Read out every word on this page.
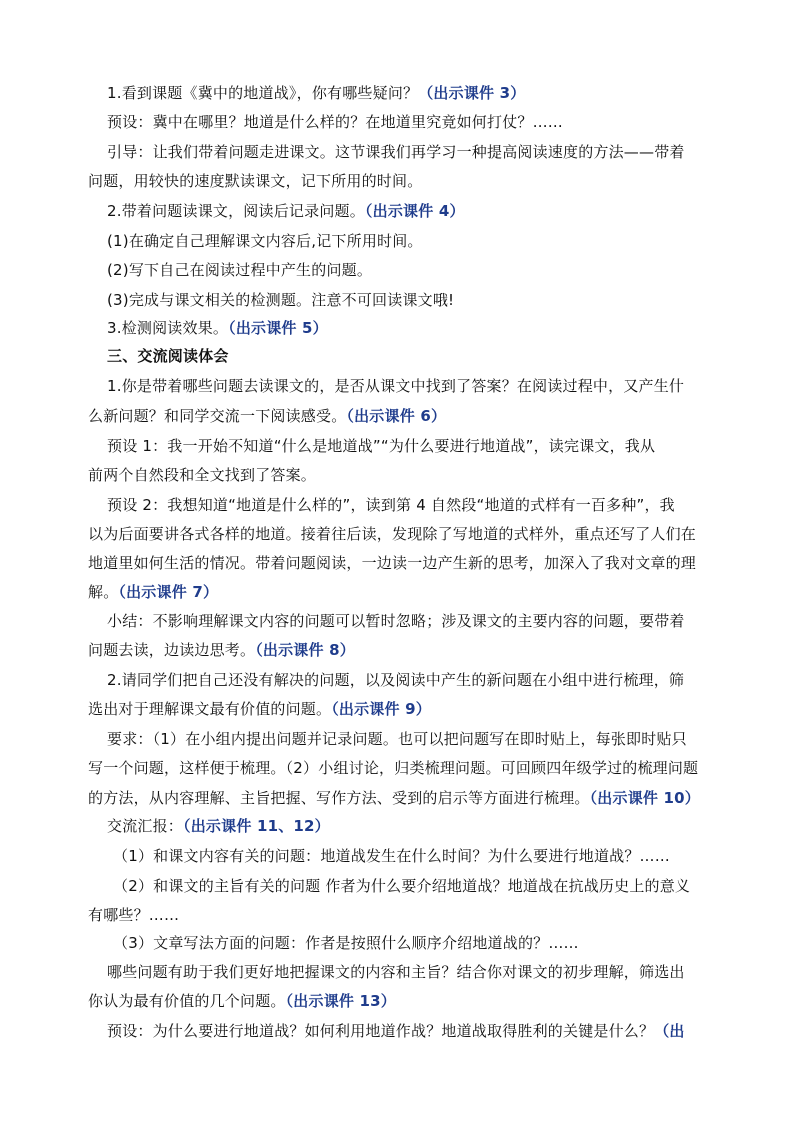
1.看到课题《冀中的地道战》，你有哪些疑问？（出示课件 3）
预设：冀中在哪里？地道是什么样的？在地道里究竟如何打仗？……
引导：让我们带着问题走进课文。这节课我们再学习一种提高阅读速度的方法——带着
问题，用较快的速度默读课文，记下所用的时间。
2.带着问题读课文，阅读后记录问题。（出示课件 4）
(1)在确定自己理解课文内容后,记下所用时间。
(2)写下自己在阅读过程中产生的问题。
(3)完成与课文相关的检测题。注意不可回读课文哦!
3.检测阅读效果。（出示课件 5）
三、交流阅读体会
1.你是带着哪些问题去读课文的，是否从课文中找到了答案？在阅读过程中，又产生什
么新问题？和同学交流一下阅读感受。（出示课件 6）
预设 1：我一开始不知道“什么是地道战”“为什么要进行地道战”，读完课文，我从
前两个自然段和全文找到了答案。
预设 2：我想知道“地道是什么样的”，读到第 4 自然段“地道的式样有一百多种”，我
以为后面要讲各式各样的地道。接着往后读，发现除了写地道的式样外，重点还写了人们在
地道里如何生活的情况。带着问题阅读，一边读一边产生新的思考，加深入了我对文章的理
解。（出示课件 7）
小结：不影响理解课文内容的问题可以暂时忽略；涉及课文的主要内容的问题，要带着
问题去读，边读边思考。（出示课件 8）
2.请同学们把自己还没有解决的问题，以及阅读中产生的新问题在小组中进行梳理，筛
选出对于理解课文最有价值的问题。（出示课件 9）
要求：（1）在小组内提出问题并记录问题。也可以把问题写在即时贴上，每张即时贴只
写一个问题，这样便于梳理。（2）小组讨论，归类梳理问题。可回顾四年级学过的梳理问题
的方法，从内容理解、主旨把握、写作方法、受到的启示等方面进行梳理。（出示课件 10）
交流汇报：（出示课件 11、12）
（1）和课文内容有关的问题：地道战发生在什么时间？为什么要进行地道战？……
（2）和课文的主旨有关的问题 作者为什么要介绍地道战？地道战在抗战历史上的意义
有哪些？……
（3）文章写法方面的问题：作者是按照什么顺序介绍地道战的？……
哪些问题有助于我们更好地把握课文的内容和主旨？结合你对课文的初步理解，筛选出
你认为最有价值的几个问题。（出示课件 13）
预设：为什么要进行地道战？如何利用地道作战？地道战取得胜利的关键是什么？（出
